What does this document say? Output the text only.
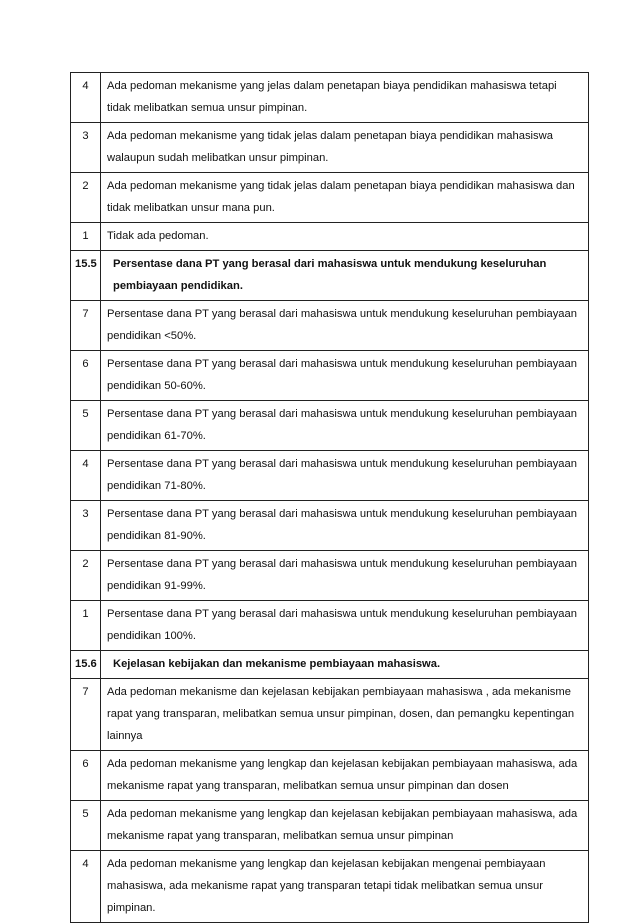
4	Ada pedoman mekanisme yang jelas dalam penetapan biaya pendidikan mahasiswa tetapi tidak melibatkan semua unsur pimpinan.
3	Ada pedoman mekanisme yang tidak jelas dalam penetapan biaya pendidikan mahasiswa walaupun sudah melibatkan unsur pimpinan.
2	Ada pedoman mekanisme yang tidak jelas dalam penetapan biaya pendidikan mahasiswa dan tidak melibatkan unsur mana pun.
1	Tidak ada pedoman.
15.5	Persentase dana PT yang berasal dari mahasiswa untuk mendukung keseluruhan pembiayaan pendidikan.
7	Persentase dana PT yang berasal dari mahasiswa untuk mendukung keseluruhan pembiayaan pendidikan <50%.
6	Persentase dana PT yang berasal dari mahasiswa untuk mendukung keseluruhan pembiayaan pendidikan 50-60%.
5	Persentase dana PT yang berasal dari mahasiswa untuk mendukung keseluruhan pembiayaan pendidikan 61-70%.
4	Persentase dana PT yang berasal dari mahasiswa untuk mendukung keseluruhan pembiayaan pendidikan 71-80%.
3	Persentase dana PT yang berasal dari mahasiswa untuk mendukung keseluruhan pembiayaan pendidikan 81-90%.
2	Persentase dana PT yang berasal dari mahasiswa untuk mendukung keseluruhan pembiayaan pendidikan 91-99%.
1	Persentase dana PT yang berasal dari mahasiswa untuk mendukung keseluruhan pembiayaan pendidikan 100%.
15.6	Kejelasan kebijakan dan mekanisme pembiayaan mahasiswa.
7	Ada pedoman mekanisme dan kejelasan kebijakan pembiayaan mahasiswa , ada mekanisme rapat yang transparan, melibatkan semua unsur pimpinan, dosen, dan pemangku kepentingan lainnya
6	Ada pedoman mekanisme yang lengkap dan kejelasan kebijakan pembiayaan mahasiswa, ada mekanisme rapat yang transparan, melibatkan semua unsur pimpinan dan dosen
5	Ada pedoman mekanisme yang lengkap dan kejelasan kebijakan pembiayaan mahasiswa, ada mekanisme rapat yang transparan, melibatkan semua unsur pimpinan
4	Ada pedoman mekanisme yang lengkap dan kejelasan kebijakan mengenai pembiayaan mahasiswa, ada mekanisme rapat yang transparan tetapi tidak melibatkan semua unsur pimpinan.
